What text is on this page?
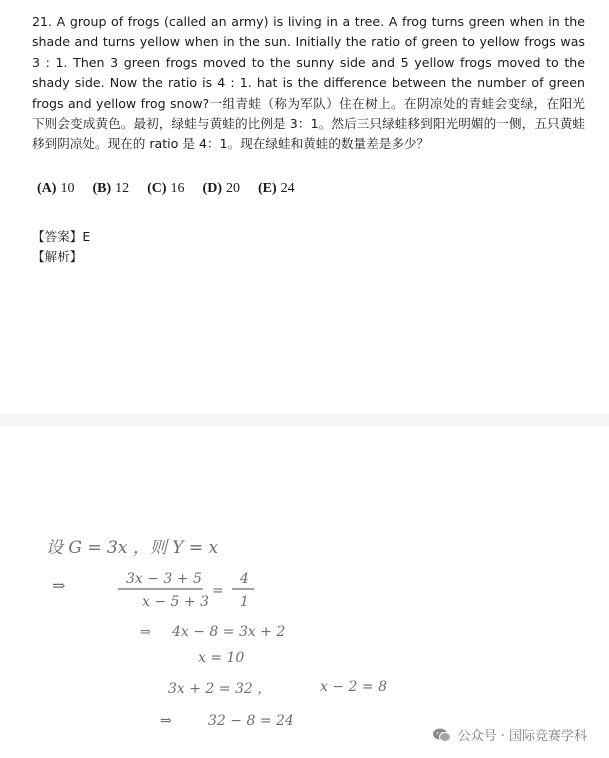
21. A group of frogs (called an army) is living in a tree. A frog turns green when in the shade and turns yellow when in the sun. Initially the ratio of green to yellow frogs was 3 : 1. Then 3 green frogs moved to the sunny side and 5 yellow frogs moved to the shady side. Now the ratio is 4 : 1. hat is the difference between the number of green frogs and yellow frog snow?一组青蛙（称为军队）住在树上。在阴凉处的青蛙会变绿，在阳光下则会变成黄色。最初，绿蛙与黄蛙的比例是 3：1。然后三只绿蛙移到阳光明媚的一侧，五只黄蛙移到阴凉处。现在的 ratio 是 4：1。现在绿蛙和黄蛙的数量差是多少？

(A) 10 (B) 12 (C) 16 (D) 20 (E) 24

【答案】E

【解析】

设 G = 3x ，则 Y = x
⇒	3x − 3 + 5
x − 5 + 3
=
4
1
⇒ 4x − 8 = 3x + 2
x = 10
3x + 2 = 32 ，	x − 2 = 8
⇒	32 − 8 = 24
公众号 · 国际竞赛学科
